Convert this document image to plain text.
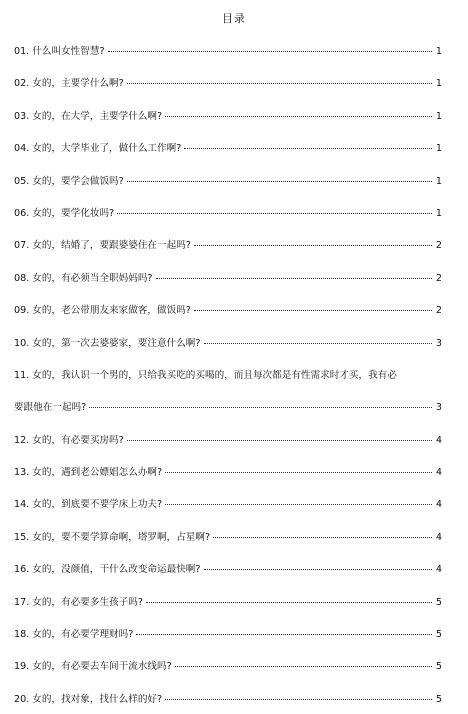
目录
01. 什么叫女性智慧?	1
02. 女的，主要学什么啊?	1
03. 女的，在大学，主要学什么啊?	1
04. 女的，大学毕业了，做什么工作啊?	1
05. 女的，要学会做饭吗?	1
06. 女的，要学化妆吗?	1
07. 女的，结婚了，要跟婆婆住在一起吗?	2
08. 女的，有必须当全职妈妈吗?	2
09. 女的，老公带朋友来家做客，做饭吗?	2
10. 女的，第一次去婆婆家，要注意什么啊?	3
11. 女的，我认识一个男的，只给我买吃的买喝的，而且每次都是有性需求时才买，我有必
要跟他在一起吗?	3
12. 女的，有必要买房吗?	4
13. 女的，遇到老公嫖娼怎么办啊?	4
14. 女的，到底要不要学床上功夫?	4
15. 女的，要不要学算命啊，塔罗啊，占星啊?	4
16. 女的，没颜值，干什么改变命运最快啊?	4
17. 女的，有必要多生孩子吗?	5
18. 女的，有必要学理财吗?	5
19. 女的，有必要去车间干流水线吗?	5
20. 女的，找对象，找什么样的好?	5
